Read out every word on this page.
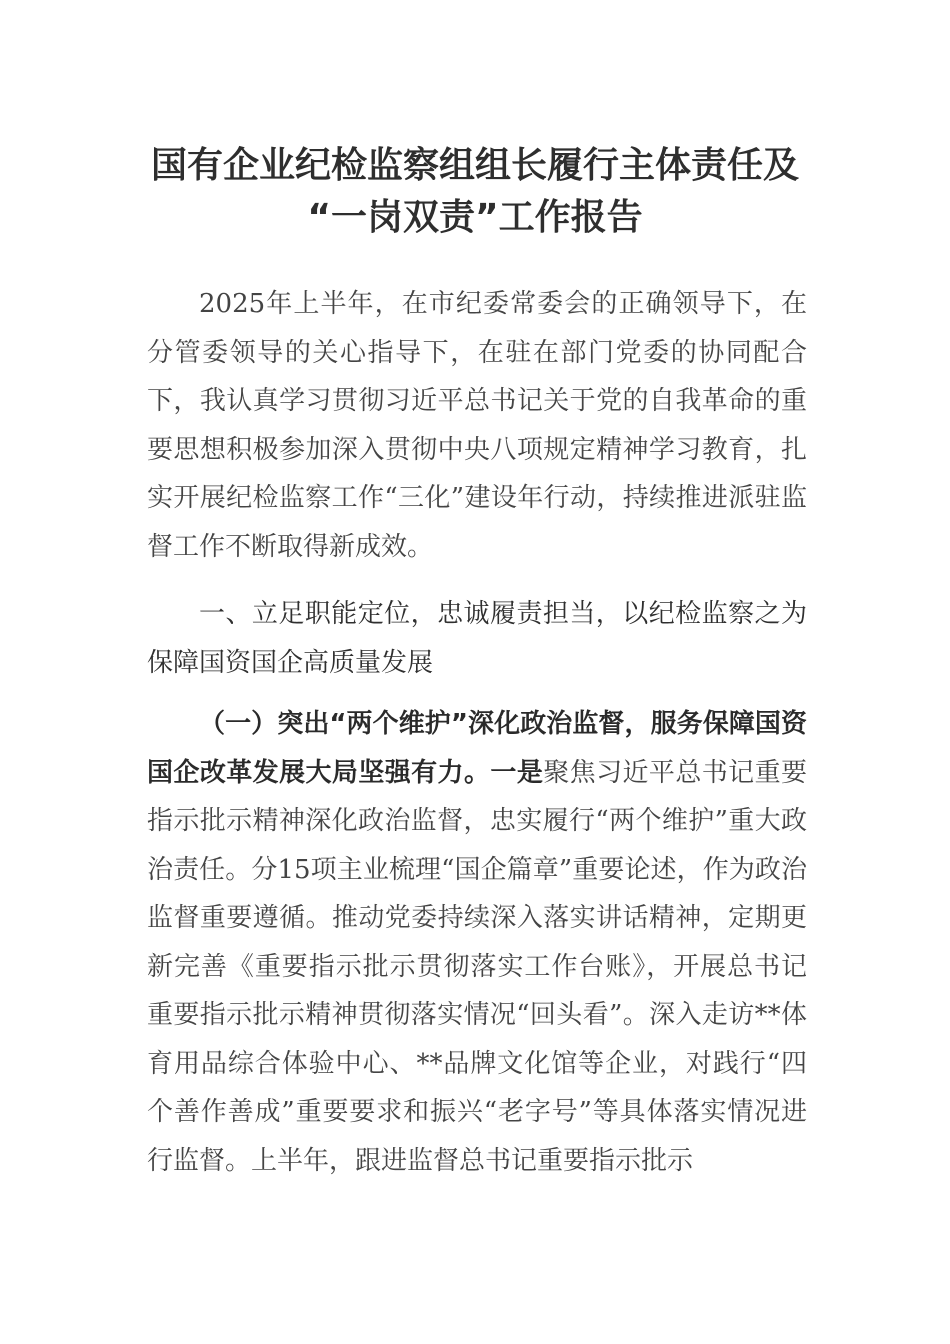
国有企业纪检监察组组长履行主体责任及
“一岗双责”工作报告

2025年上半年，在市纪委常委会的正确领导下，在分管委领导的关心指导下，在驻在部门党委的协同配合下，我认真学习贯彻习近平总书记关于党的自我革命的重要思想积极参加深入贯彻中央八项规定精神学习教育，扎实开展纪检监察工作“三化”建设年行动，持续推进派驻监督工作不断取得新成效。

一、立足职能定位，忠诚履责担当，以纪检监察之为保障国资国企高质量发展

（一）突出“两个维护”深化政治监督，服务保障国资国企改革发展大局坚强有力。一是聚焦习近平总书记重要指示批示精神深化政治监督，忠实履行“两个维护”重大政治责任。分15项主业梳理“国企篇章”重要论述，作为政治监督重要遵循。推动党委持续深入落实讲话精神，定期更新完善《重要指示批示贯彻落实工作台账》，开展总书记重要指示批示精神贯彻落实情况“回头看”。深入走访**体育用品综合体验中心、**品牌文化馆等企业，对践行“四个善作善成”重要要求和振兴“老字号”等具体落实情况进行监督。上半年，跟进监督总书记重要指示批示
